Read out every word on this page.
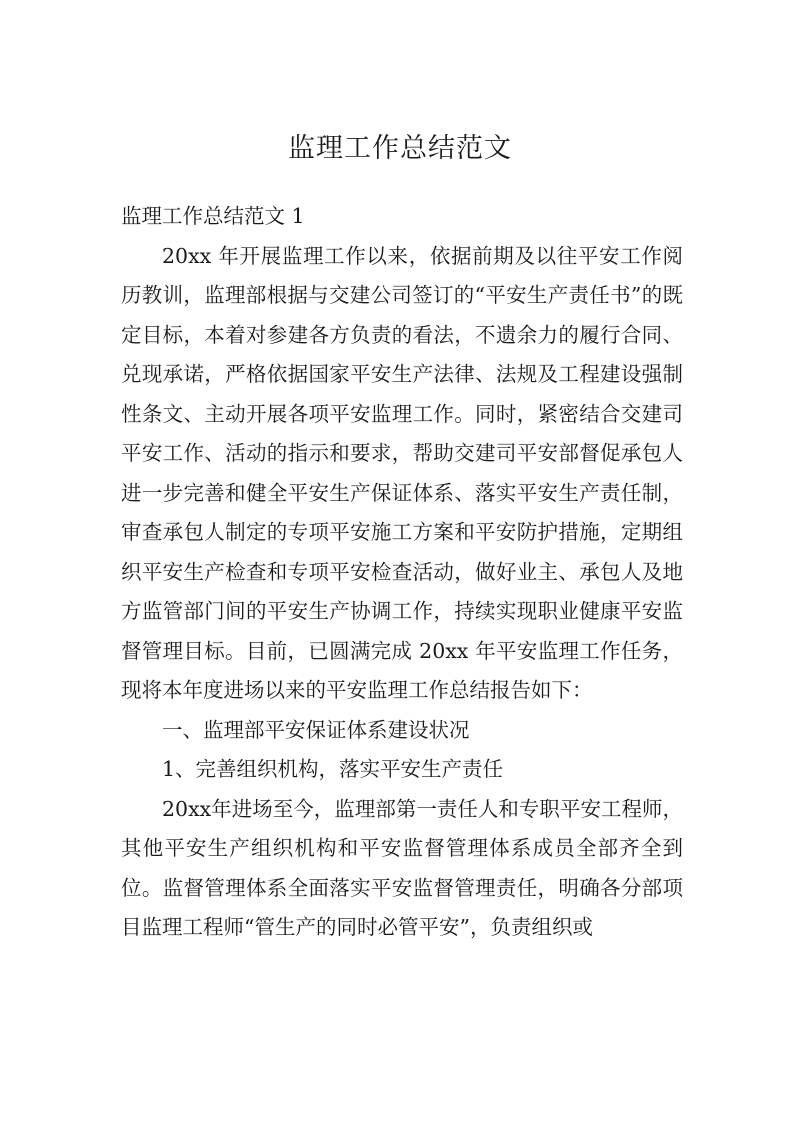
监理工作总结范文

监理工作总结范文 1

20xx 年开展监理工作以来，依据前期及以往平安工作阅历教训，监理部根据与交建公司签订的“平安生产责任书”的既定目标，本着对参建各方负责的看法，不遗余力的履行合同、兑现承诺，严格依据国家平安生产法律、法规及工程建设强制性条文、主动开展各项平安监理工作。同时，紧密结合交建司平安工作、活动的指示和要求，帮助交建司平安部督促承包人进一步完善和健全平安生产保证体系、落实平安生产责任制，审查承包人制定的专项平安施工方案和平安防护措施，定期组织平安生产检查和专项平安检查活动，做好业主、承包人及地方监管部门间的平安生产协调工作，持续实现职业健康平安监督管理目标。目前，已圆满完成 20xx 年平安监理工作任务，现将本年度进场以来的平安监理工作总结报告如下：

一、监理部平安保证体系建设状况

1、完善组织机构，落实平安生产责任

20xx年进场至今，监理部第一责任人和专职平安工程师，其他平安生产组织机构和平安监督管理体系成员全部齐全到位。监督管理体系全面落实平安监督管理责任，明确各分部项目监理工程师“管生产的同时必管平安”，负责组织或
